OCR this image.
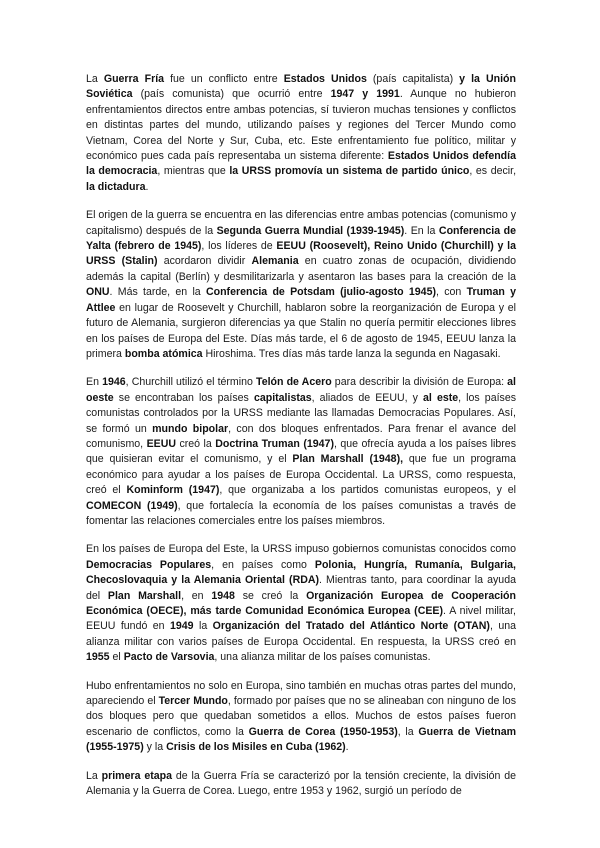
La Guerra Fría fue un conflicto entre Estados Unidos (país capitalista) y la Unión Soviética (país comunista) que ocurrió entre 1947 y 1991. Aunque no hubieron enfrentamientos directos entre ambas potencias, sí tuvieron muchas tensiones y conflictos en distintas partes del mundo, utilizando países y regiones del Tercer Mundo como Vietnam, Corea del Norte y Sur, Cuba, etc. Este enfrentamiento fue político, militar y económico pues cada país representaba un sistema diferente: Estados Unidos defendía la democracia, mientras que la URSS promovía un sistema de partido único, es decir, la dictadura.

El origen de la guerra se encuentra en las diferencias entre ambas potencias (comunismo y capitalismo) después de la Segunda Guerra Mundial (1939-1945). En la Conferencia de Yalta (febrero de 1945), los líderes de EEUU (Roosevelt), Reino Unido (Churchill) y la URSS (Stalin) acordaron dividir Alemania en cuatro zonas de ocupación, dividiendo además la capital (Berlín) y desmilitarizarla y asentaron las bases para la creación de la ONU. Más tarde, en la Conferencia de Potsdam (julio-agosto 1945), con Truman y Attlee en lugar de Roosevelt y Churchill, hablaron sobre la reorganización de Europa y el futuro de Alemania, surgieron diferencias ya que Stalin no quería permitir elecciones libres en los países de Europa del Este. Días más tarde, el 6 de agosto de 1945, EEUU lanza la primera bomba atómica Hiroshima. Tres días más tarde lanza la segunda en Nagasaki.

En 1946, Churchill utilizó el término Telón de Acero para describir la división de Europa: al oeste se encontraban los países capitalistas, aliados de EEUU, y al este, los países comunistas controlados por la URSS mediante las llamadas Democracias Populares. Así, se formó un mundo bipolar, con dos bloques enfrentados. Para frenar el avance del comunismo, EEUU creó la Doctrina Truman (1947), que ofrecía ayuda a los países libres que quisieran evitar el comunismo, y el Plan Marshall (1948), que fue un programa económico para ayudar a los países de Europa Occidental. La URSS, como respuesta, creó el Kominform (1947), que organizaba a los partidos comunistas europeos, y el COMECON (1949), que fortalecía la economía de los países comunistas a través de fomentar las relaciones comerciales entre los países miembros.

En los países de Europa del Este, la URSS impuso gobiernos comunistas conocidos como Democracias Populares, en países como Polonia, Hungría, Rumanía, Bulgaria, Checoslovaquia y la Alemania Oriental (RDA). Mientras tanto, para coordinar la ayuda del Plan Marshall, en 1948 se creó la Organización Europea de Cooperación Económica (OECE), más tarde Comunidad Económica Europea (CEE). A nivel militar, EEUU fundó en 1949 la Organización del Tratado del Atlántico Norte (OTAN), una alianza militar con varios países de Europa Occidental. En respuesta, la URSS creó en 1955 el Pacto de Varsovia, una alianza militar de los países comunistas.

Hubo enfrentamientos no solo en Europa, sino también en muchas otras partes del mundo, apareciendo el Tercer Mundo, formado por países que no se alineaban con ninguno de los dos bloques pero que quedaban sometidos a ellos. Muchos de estos países fueron escenario de conflictos, como la Guerra de Corea (1950-1953), la Guerra de Vietnam (1955-1975) y la Crisis de los Misiles en Cuba (1962).

La primera etapa de la Guerra Fría se caracterizó por la tensión creciente, la división de Alemania y la Guerra de Corea. Luego, entre 1953 y 1962, surgió un período de
